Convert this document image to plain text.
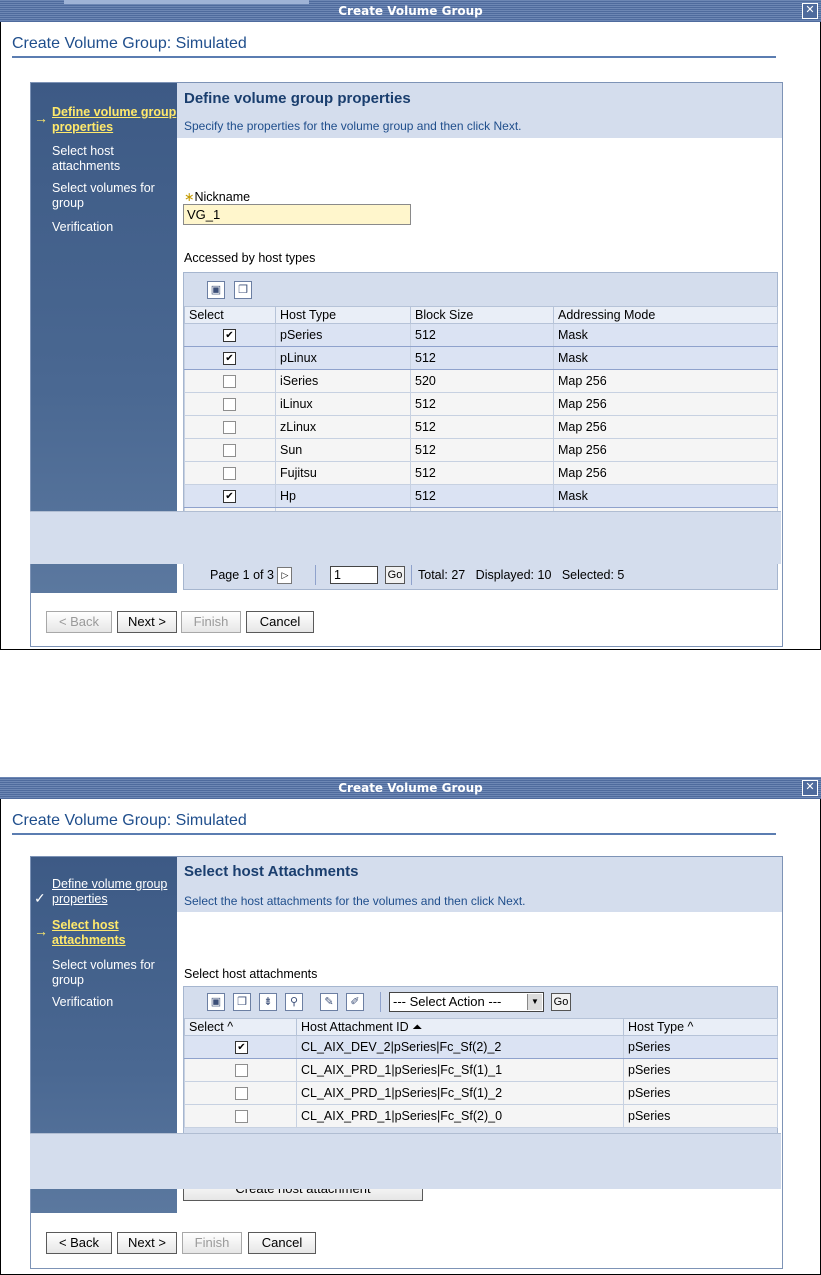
Create Volume Group	✕
Create Volume Group: Simulated
→ Define volume group properties
Select host attachments
Select volumes for group
Verification
Define volume group properties
Specify the properties for the volume group and then click Next.
∗Nickname
VG_1
Accessed by host types
▣	❐
Select	Host Type	Block Size	Addressing Mode
✔	pSeries	512	Mask
✔	pLinux	512	Mask
	iSeries	520	Map 256
	iLinux	512	Map 256
	zLinux	512	Map 256
	Sun	512	Map 256
	Fujitsu	512	Map 256
✔	Hp	512	Mask

Page 1 of 3 ▷	1	Go Total: 27   Displayed: 10   Selected: 5
< Back	Next >	Finish	Cancel
Create Volume Group	✕
Create Volume Group: Simulated
✓
Define volume group properties
Select host attachments
→
Select volumes for group
Verification
Select host Attachments
Select the host attachments for the volumes and then click Next.
Select host attachments
▣	❐	⇟	⚲	✎	✐	--- Select Action ---	▼ Go
Select ^	Host Attachment ID ⏶	Host Type ^
✔	CL_AIX_DEV_2|pSeries|Fc_Sf(2)_2	pSeries
	CL_AIX_PRD_1|pSeries|Fc_Sf(1)_1	pSeries
	CL_AIX_PRD_1|pSeries|Fc_Sf(1)_2	pSeries
	CL_AIX_PRD_1|pSeries|Fc_Sf(2)_0	pSeries
< Back	Next >	Finish	Cancel
